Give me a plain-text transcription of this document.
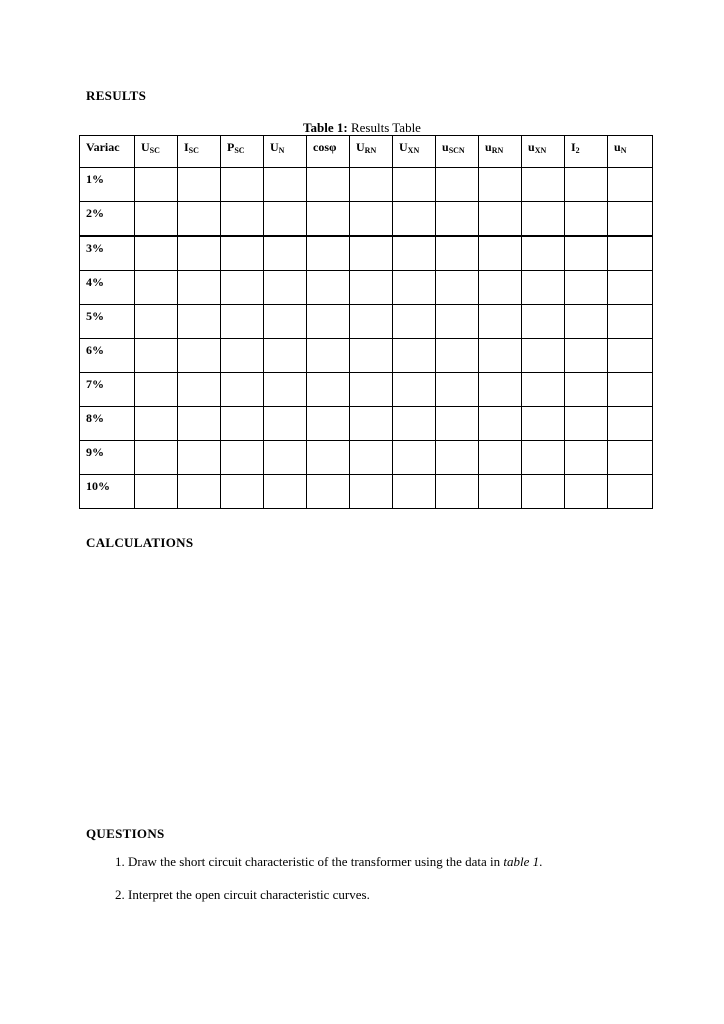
RESULTS
Table 1: Results Table
Variac	$U_{SC}$	$I_{SC}$	$P_{SC}$	$U_N$	cosφ	$U_{RN}$	$U_{XN}$	$u_{SCN}$	$u_{RN}$	$u_{XN}$	$I_2$	$u_N$
1%												
2%												
3%												
4%												
5%												
6%												
7%												
8%												
9%												
10%												
CALCULATIONS
QUESTIONS
1. Draw the short circuit characteristic of the transformer using the data in table 1.
2. Interpret the open circuit characteristic curves.
